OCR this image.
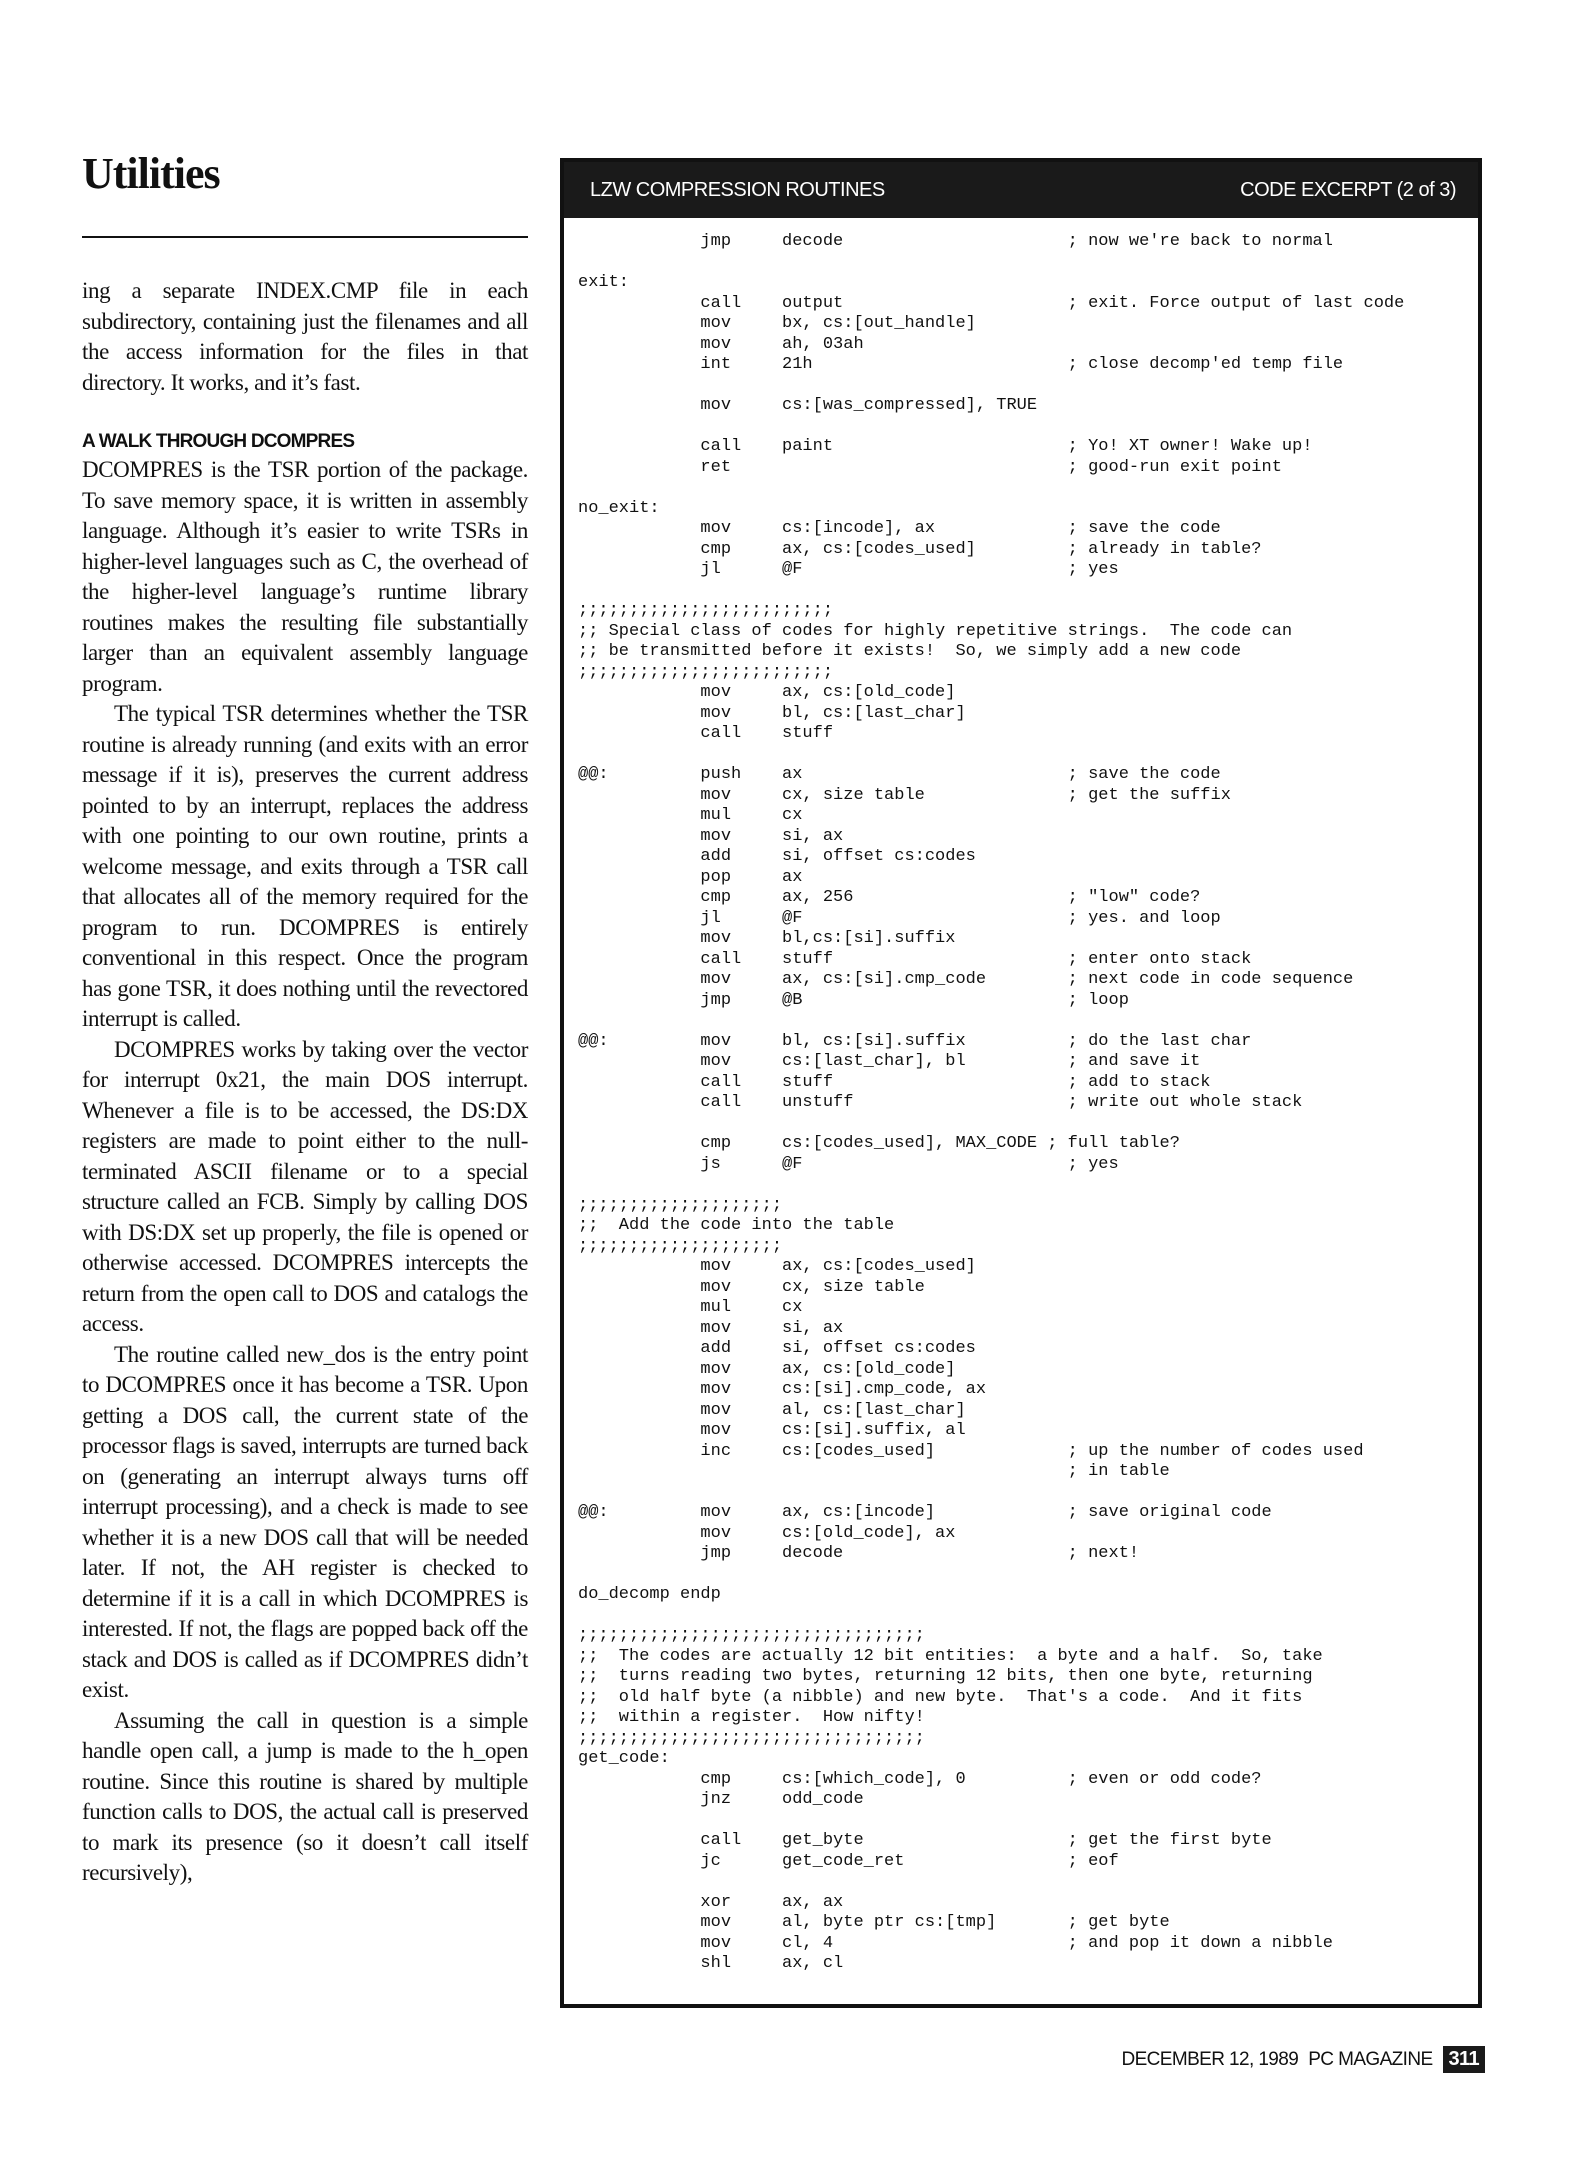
Utilities

ing a separate INDEX.CMP file in each subdirectory, containing just the filenames and all the access information for the files in that directory. It works, and it’s fast.

A WALK THROUGH DCOMPRES

DCOMPRES is the TSR portion of the package. To save memory space, it is written in assembly language. Although it’s easier to write TSRs in higher-level languages such as C, the overhead of the higher-level language’s runtime library routines makes the resulting file substantially larger than an equivalent assembly language program.

The typical TSR determines whether the TSR routine is already running (and exits with an error message if it is), preserves the current address pointed to by an interrupt, replaces the address with one pointing to our own routine, prints a welcome message, and exits through a TSR call that allocates all of the memory required for the program to run. DCOMPRES is entirely conventional in this respect. Once the program has gone TSR, it does nothing until the revectored interrupt is called.

DCOMPRES works by taking over the vector for interrupt 0x21, the main DOS interrupt. Whenever a file is to be accessed, the DS:DX registers are made to point either to the null-terminated ASCII filename or to a special structure called an FCB. Simply by calling DOS with DS:DX set up properly, the file is opened or otherwise accessed. DCOMPRES intercepts the return from the open call to DOS and catalogs the access.

The routine called new_dos is the entry point to DCOMPRES once it has become a TSR. Upon getting a DOS call, the current state of the processor flags is saved, interrupts are turned back on (generating an interrupt always turns off interrupt processing), and a check is made to see whether it is a new DOS call that will be needed later. If not, the AH register is checked to determine if it is a call in which DCOMPRES is interested. If not, the flags are popped back off the stack and DOS is called as if DCOMPRES didn’t exist.

Assuming the call in question is a simple handle open call, a jump is made to the h_open routine. Since this routine is shared by multiple function calls to DOS, the actual call is preserved to mark its presence (so it doesn’t call itself recursively),

LZW COMPRESSION ROUTINES	CODE EXCERPT (2 of 3)
jmp     decode                      ; now we're back to normal

exit:
call    output                      ; exit. Force output of last code
mov     bx, cs:[out_handle]
mov     ah, 03ah
int     21h                         ; close decomp'ed temp file

mov     cs:[was_compressed], TRUE

call    paint                       ; Yo! XT owner! Wake up!
ret                                 ; good-run exit point

no_exit:
mov     cs:[incode], ax             ; save the code
cmp     ax, cs:[codes_used]         ; already in table?
jl      @F                          ; yes

;;;;;;;;;;;;;;;;;;;;;;;;;
;; Special class of codes for highly repetitive strings.  The code can
;; be transmitted before it exists!  So, we simply add a new code
;;;;;;;;;;;;;;;;;;;;;;;;;
mov     ax, cs:[old_code]
mov     bl, cs:[last_char]
call    stuff

@@:         push    ax                          ; save the code
mov     cx, size table              ; get the suffix
mul     cx
mov     si, ax
add     si, offset cs:codes
pop     ax
cmp     ax, 256                     ; "low" code?
jl      @F                          ; yes. and loop
mov     bl,cs:[si].suffix
call    stuff                       ; enter onto stack
mov     ax, cs:[si].cmp_code        ; next code in code sequence
jmp     @B                          ; loop

@@:         mov     bl, cs:[si].suffix          ; do the last char
mov     cs:[last_char], bl          ; and save it
call    stuff                       ; add to stack
call    unstuff                     ; write out whole stack

cmp     cs:[codes_used], MAX_CODE ; full table?
js      @F                          ; yes

;;;;;;;;;;;;;;;;;;;;
;;  Add the code into the table
;;;;;;;;;;;;;;;;;;;;
mov     ax, cs:[codes_used]
mov     cx, size table
mul     cx
mov     si, ax
add     si, offset cs:codes
mov     ax, cs:[old_code]
mov     cs:[si].cmp_code, ax
mov     al, cs:[last_char]
mov     cs:[si].suffix, al
inc     cs:[codes_used]             ; up the number of codes used
; in table

@@:         mov     ax, cs:[incode]             ; save original code
mov     cs:[old_code], ax
jmp     decode                      ; next!

do_decomp endp

;;;;;;;;;;;;;;;;;;;;;;;;;;;;;;;;;;
;;  The codes are actually 12 bit entities:  a byte and a half.  So, take
;;  turns reading two bytes, returning 12 bits, then one byte, returning
;;  old half byte (a nibble) and new byte.  That's a code.  And it fits
;;  within a register.  How nifty!
;;;;;;;;;;;;;;;;;;;;;;;;;;;;;;;;;;
get_code:
cmp     cs:[which_code], 0          ; even or odd code?
jnz     odd_code

call    get_byte                    ; get the first byte
jc      get_code_ret                ; eof

xor     ax, ax
mov     al, byte ptr cs:[tmp]       ; get byte
mov     cl, 4                       ; and pop it down a nibble
shl     ax, cl
DECEMBER 12, 1989 PC MAGAZINE 311
